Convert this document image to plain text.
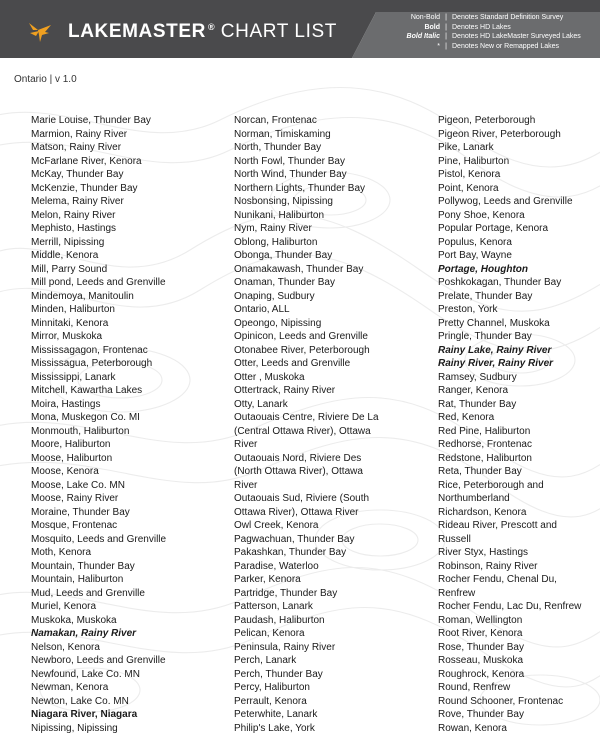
LAKEMASTER ® CHART LIST
Non-Bold | Denotes Standard Definition Survey
Bold | Denotes HD Lakes
Bold Italic | Denotes HD LakeMaster Surveyed Lakes
* | Denotes New or Remapped Lakes
Ontario | v 1.0
Marie Louise, Thunder Bay
Marmion, Rainy River
Matson, Rainy River
McFarlane River, Kenora
McKay, Thunder Bay
McKenzie, Thunder Bay
Melema, Rainy River
Melon, Rainy River
Mephisto, Hastings
Merrill, Nipissing
Middle, Kenora
Mill, Parry Sound
Mill pond, Leeds and Grenville
Mindemoya, Manitoulin
Minden, Haliburton
Minnitaki, Kenora
Mirror, Muskoka
Mississagagon, Frontenac
Mississagua, Peterborough
Mississippi, Lanark
Mitchell, Kawartha Lakes
Moira, Hastings
Mona, Muskegon Co. MI
Monmouth, Haliburton
Moore, Haliburton
Moose, Haliburton
Moose, Kenora
Moose, Lake Co. MN
Moose, Rainy River
Moraine, Thunder Bay
Mosque, Frontenac
Mosquito, Leeds and Grenville
Moth, Kenora
Mountain, Thunder Bay
Mountain, Haliburton
Mud, Leeds and Grenville
Muriel, Kenora
Muskoka, Muskoka
Namakan, Rainy River
Nelson, Kenora
Newboro, Leeds and Grenville
Newfound, Lake Co. MN
Newman, Kenora
Newton, Lake Co. MN
Niagara River, Niagara
Nipissing, Nipissing
Norcan, Frontenac
Norman, Timiskaming
North, Thunder Bay
North Fowl, Thunder Bay
North Wind, Thunder Bay
Northern Lights, Thunder Bay
Nosbonsing, Nipissing
Nunikani, Haliburton
Nym, Rainy River
Oblong, Haliburton
Obonga, Thunder Bay
Onamakawash, Thunder Bay
Onaman, Thunder Bay
Onaping, Sudbury
Ontario, ALL
Opeongo, Nipissing
Opinicon, Leeds and Grenville
Otonabee River, Peterborough
Otter, Leeds and Grenville
Otter , Muskoka
Ottertrack, Rainy River
Otty, Lanark
Outaouais Centre, Riviere De La
(Central Ottawa River), Ottawa
River
Outaouais Nord, Riviere Des
(North Ottawa River), Ottawa
River
Outaouais Sud, Riviere (South
Ottawa River), Ottawa River
Owl Creek, Kenora
Pagwachuan, Thunder Bay
Pakashkan, Thunder Bay
Paradise, Waterloo
Parker, Kenora
Partridge, Thunder Bay
Patterson, Lanark
Paudash, Haliburton
Pelican, Kenora
Peninsula, Rainy River
Perch, Lanark
Perch, Thunder Bay
Percy, Haliburton
Perrault, Kenora
Peterwhite, Lanark
Philip's Lake, York
Pigeon, Peterborough
Pigeon River, Peterborough
Pike, Lanark
Pine, Haliburton
Pistol, Kenora
Point, Kenora
Pollywog, Leeds and Grenville
Pony Shoe, Kenora
Popular Portage, Kenora
Populus, Kenora
Port Bay, Wayne
Portage, Houghton
Poshkokagan, Thunder Bay
Prelate, Thunder Bay
Preston, York
Pretty Channel, Muskoka
Pringle, Thunder Bay
Rainy Lake, Rainy River
Rainy River, Rainy River
Ramsey, Sudbury
Ranger, Kenora
Rat, Thunder Bay
Red, Kenora
Red Pine, Haliburton
Redhorse, Frontenac
Redstone, Haliburton
Reta, Thunder Bay
Rice, Peterborough and
Northumberland
Richardson, Kenora
Rideau River, Prescott and
Russell
River Styx, Hastings
Robinson, Rainy River
Rocher Fendu, Chenal Du,
Renfrew
Rocher Fendu, Lac Du, Renfrew
Roman, Wellington
Root River, Kenora
Rose, Thunder Bay
Rosseau, Muskoka
Roughrock, Kenora
Round, Renfrew
Round Schooner, Frontenac
Rove, Thunder Bay
Rowan, Kenora
